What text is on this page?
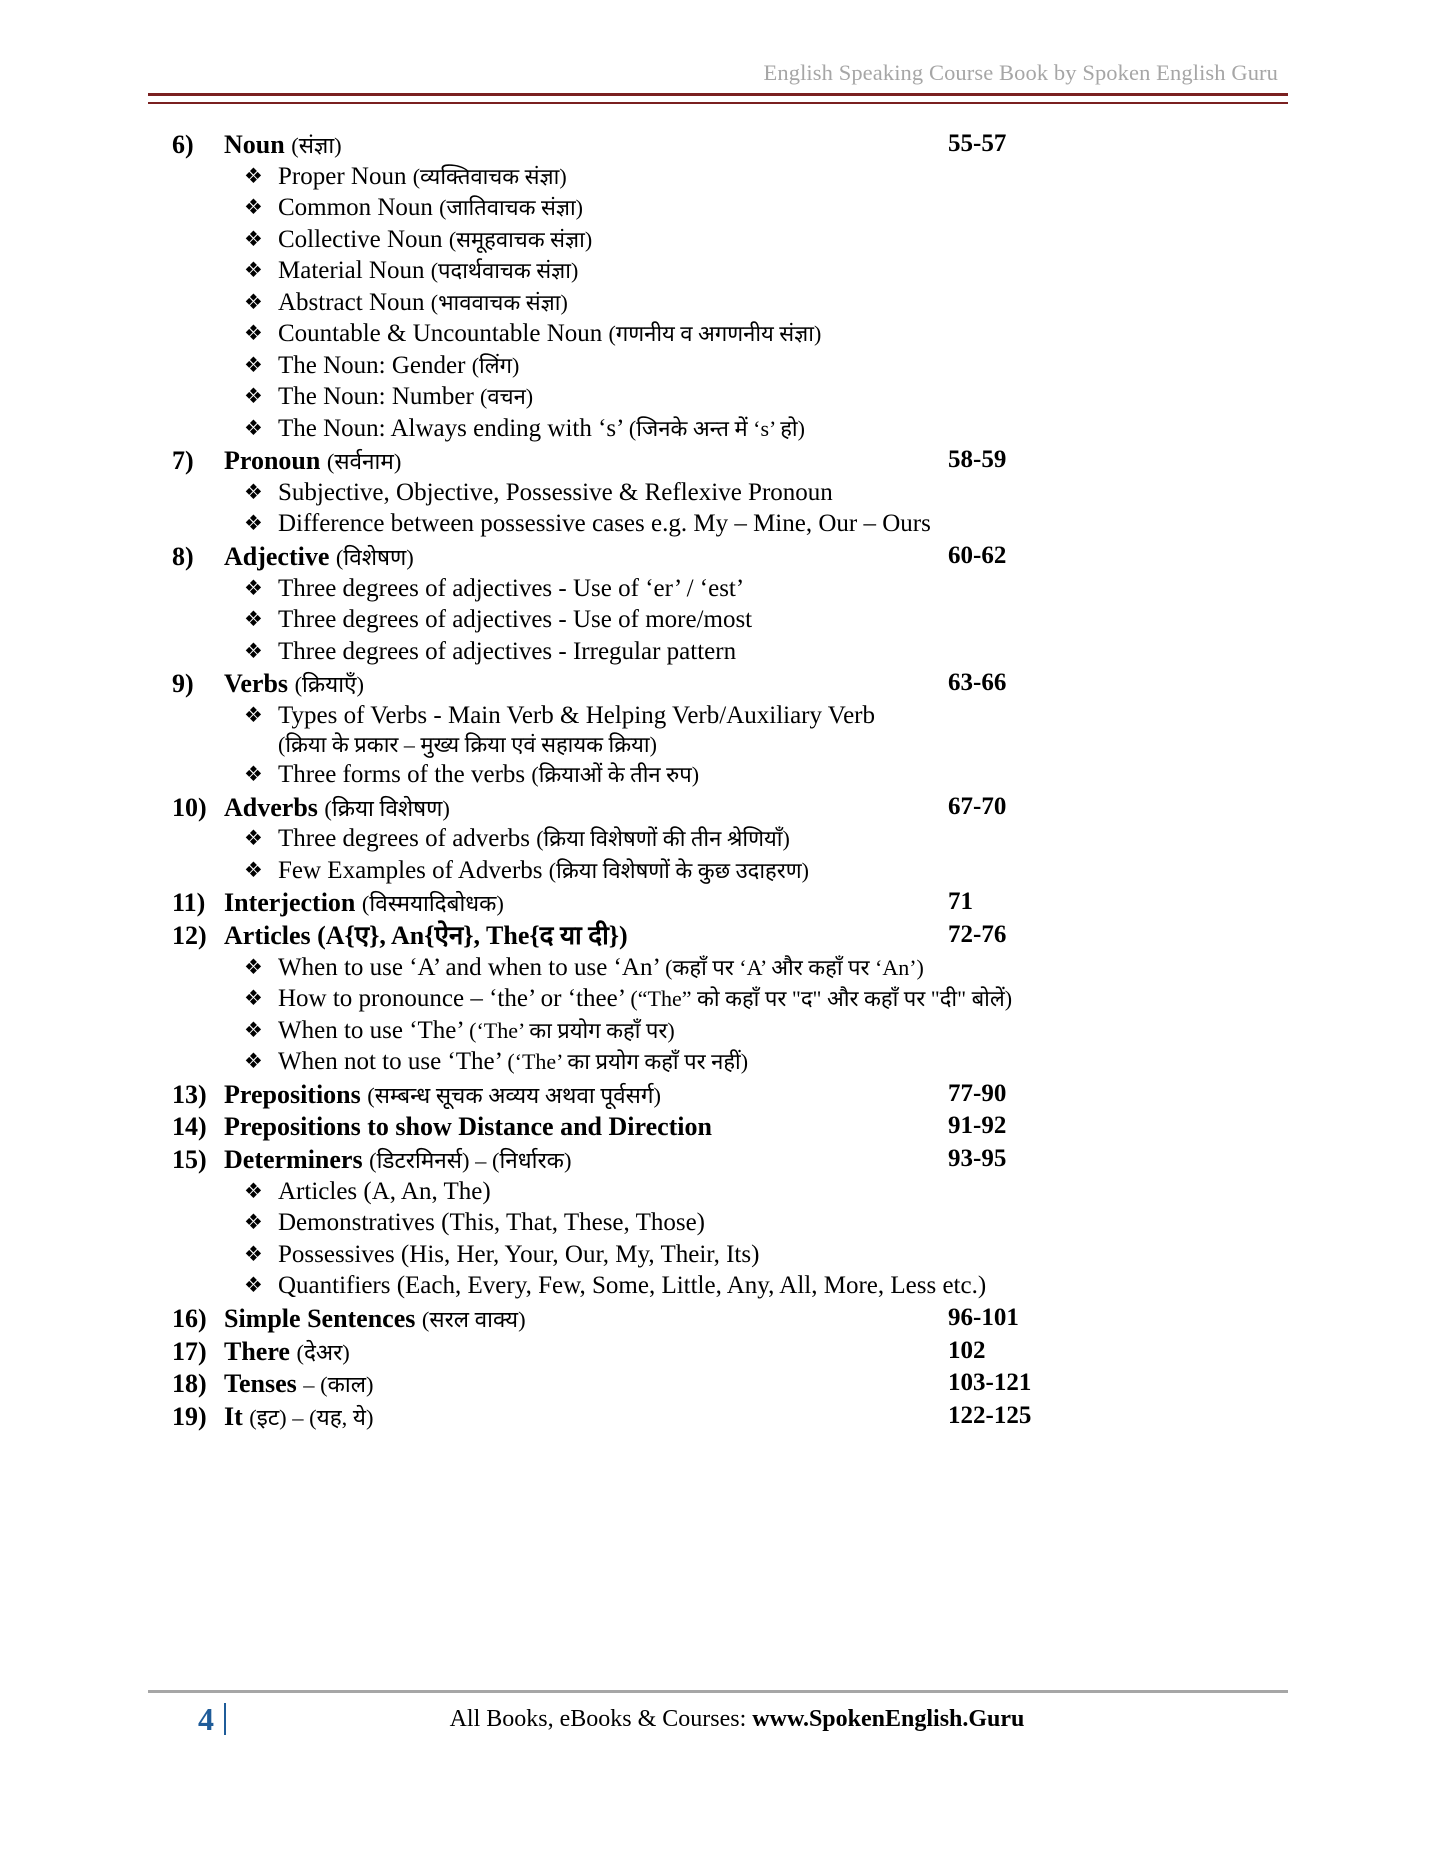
English Speaking Course Book by Spoken English Guru
6)	Noun (संज्ञा)	55-57
❖ Proper Noun (व्यक्तिवाचक संज्ञा)
❖ Common Noun (जातिवाचक संज्ञा)
❖ Collective Noun (समूहवाचक संज्ञा)
❖ Material Noun (पदार्थवाचक संज्ञा)
❖ Abstract Noun (भाववाचक संज्ञा)
❖ Countable & Uncountable Noun (गणनीय व अगणनीय संज्ञा)
❖ The Noun: Gender (लिंग)
❖ The Noun: Number (वचन)
❖ The Noun: Always ending with ‘s’ (जिनके अन्त में ‘s’ हो)
7)	Pronoun (सर्वनाम)	58-59
❖ Subjective, Objective, Possessive & Reflexive Pronoun
❖ Difference between possessive cases e.g. My – Mine, Our – Ours
8)	Adjective (विशेषण)	60-62
❖ Three degrees of adjectives - Use of ‘er’ / ‘est’
❖ Three degrees of adjectives - Use of more/most
❖ Three degrees of adjectives - Irregular pattern
9)	Verbs (क्रियाएँ)	63-66
❖ Types of Verbs - Main Verb & Helping Verb/Auxiliary Verb
(क्रिया के प्रकार – मुख्य क्रिया एवं सहायक क्रिया)
❖ Three forms of the verbs (क्रियाओं के तीन रुप)
10) Adverbs (क्रिया विशेषण)	67-70
❖ Three degrees of adverbs (क्रिया विशेषणों की तीन श्रेणियाँ)
❖ Few Examples of Adverbs (क्रिया विशेषणों के कुछ उदाहरण)
11) Interjection (विस्मयादिबोधक)	71
12) Articles (A{ए}, An{ऐन}, The{द या दी})	72-76
❖ When to use ‘A’ and when to use ‘An’ (कहाँ पर ‘A’ और कहाँ पर ‘An’)
❖ How to pronounce – ‘the’ or ‘thee’ (“The” को कहाँ पर "द" और कहाँ पर "दी" बोलें)
❖ When to use ‘The’ (‘The’ का प्रयोग कहाँ पर)
❖ When not to use ‘The’ (‘The’ का प्रयोग कहाँ पर नहीं)
13) Prepositions (सम्बन्ध सूचक अव्यय अथवा पूर्वसर्ग)	77-90
14) Prepositions to show Distance and Direction	91-92
15) Determiners (डिटरमिनर्स) – (निर्धारक)	93-95
❖ Articles (A, An, The)
❖ Demonstratives (This, That, These, Those)
❖ Possessives (His, Her, Your, Our, My, Their, Its)
❖ Quantifiers (Each, Every, Few, Some, Little, Any, All, More, Less etc.)
16) Simple Sentences (सरल वाक्य)	96-101
17) There (देअर)	102
18) Tenses – (काल)	103-121
19) It (इट) – (यह, ये)	122-125
4	All Books, eBooks & Courses: www.SpokenEnglish.Guru
